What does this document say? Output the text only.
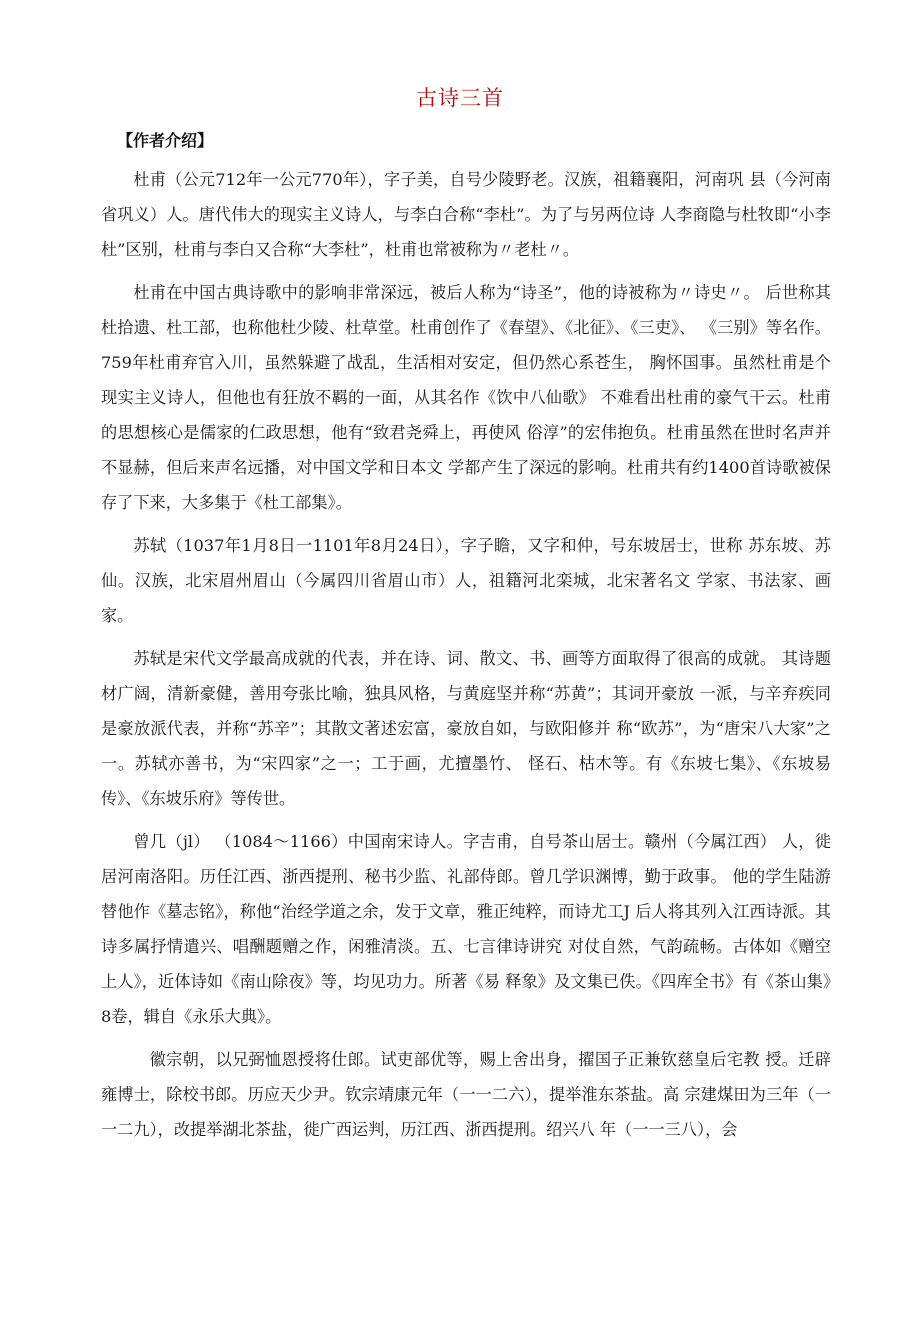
古诗三首
【作者介绍】

杜甫（公元712年一公元770年），字子美，自号少陵野老。汉族，祖籍襄阳，河南巩 县（今河南省巩义）人。唐代伟大的现实主义诗人，与李白合称“李杜”。为了与另两位诗 人李商隐与杜牧即“小李杜”区别，杜甫与李白又合称“大李杜”，杜甫也常被称为〃老杜〃。

杜甫在中国古典诗歌中的影响非常深远，被后人称为“诗圣”，他的诗被称为〃诗史〃。 后世称其杜拾遗、杜工部，也称他杜少陵、杜草堂。杜甫创作了《春望》、《北征》、《三吏》、 《三别》等名作。759年杜甫弃官入川，虽然躲避了战乱，生活相对安定，但仍然心系苍生， 胸怀国事。虽然杜甫是个现实主义诗人，但他也有狂放不羁的一面，从其名作《饮中八仙歌》 不难看出杜甫的豪气干云。杜甫的思想核心是儒家的仁政思想，他有“致君尧舜上，再使风 俗淳”的宏伟抱负。杜甫虽然在世时名声并不显赫，但后来声名远播，对中国文学和日本文 学都产生了深远的影响。杜甫共有约1400首诗歌被保存了下来，大多集于《杜工部集》。

苏轼（1037年1月8日一1101年8月24日），字子瞻，又字和仲，号东坡居士，世称 苏东坡、苏仙。汉族，北宋眉州眉山（今属四川省眉山市）人，祖籍河北栾城，北宋著名文 学家、书法家、画家。

苏轼是宋代文学最高成就的代表，并在诗、词、散文、书、画等方面取得了很高的成就。 其诗题材广阔，清新豪健，善用夸张比喻，独具风格，与黄庭坚并称“苏黄”；其词开豪放 一派，与辛弃疾同是豪放派代表，并称“苏辛”；其散文著述宏富，豪放自如，与欧阳修并 称“欧苏”，为“唐宋八大家”之一。苏轼亦善书，为“宋四家”之一；工于画，尤擅墨竹、 怪石、枯木等。有《东坡七集》、《东坡易传》、《东坡乐府》等传世。

曾几（jl） （1084〜1166）中国南宋诗人。字吉甫，自号茶山居士。赣州（今属江西） 人，徙居河南洛阳。历任江西、浙西提刑、秘书少监、礼部侍郎。曾几学识渊博，勤于政事。 他的学生陆游替他作《墓志铭》，称他“治经学道之余，发于文章，雅正纯粹，而诗尤工J 后人将其列入江西诗派。其诗多属抒情遣兴、唱酬题赠之作，闲雅清淡。五、七言律诗讲究 对仗自然，气韵疏畅。古体如《赠空上人》，近体诗如《南山除夜》等，均见功力。所著《易 释象》及文集已佚。《四库全书》有《茶山集》8卷，辑自《永乐大典》。

徽宗朝，以兄弼恤恩授将仕郎。试吏部优等，赐上舍出身，擢国子正兼钦慈皇后宅教 授。迁辟雍博士，除校书郎。历应天少尹。钦宗靖康元年（一一二六），提举淮东茶盐。高 宗建煤田为三年（一一二九），改提举湖北茶盐，徙广西运判，历江西、浙西提刑。绍兴八 年（一一三八），会
